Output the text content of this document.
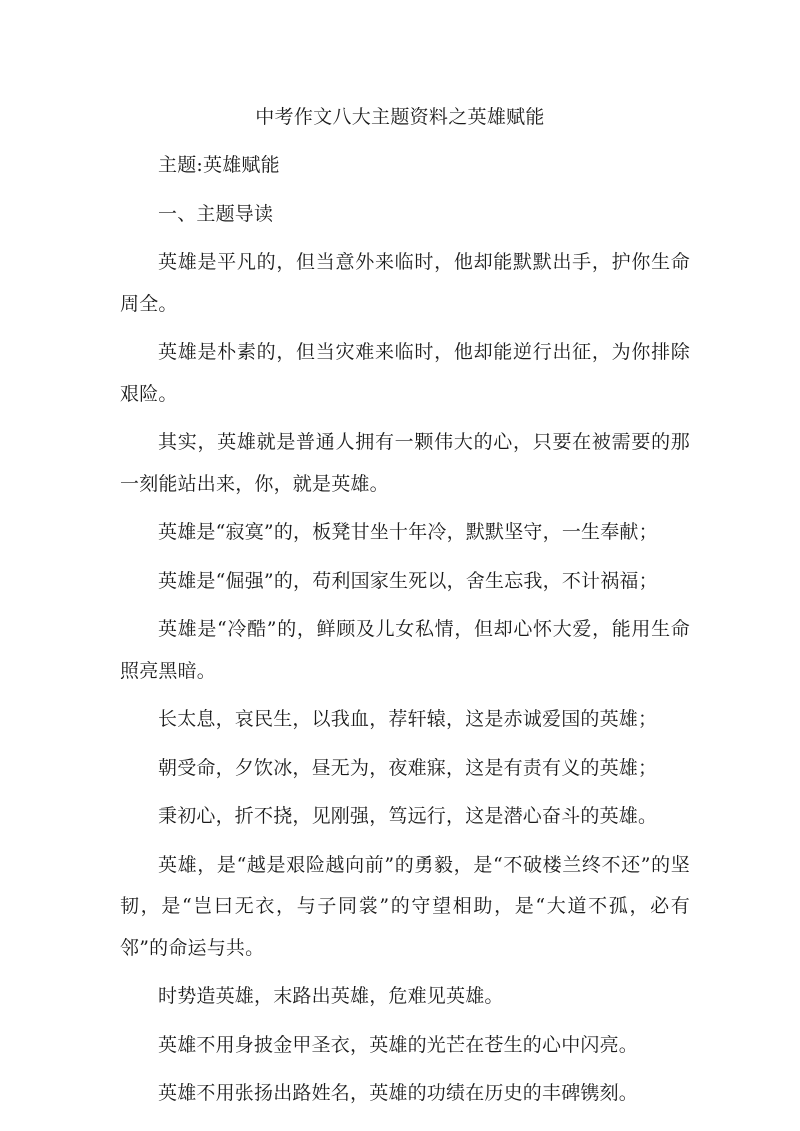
中考作文八大主题资料之英雄赋能

主题:英雄赋能

一、主题导读

英雄是平凡的，但当意外来临时，他却能默默出手，护你生命周全。

英雄是朴素的，但当灾难来临时，他却能逆行出征，为你排除艰险。

其实，英雄就是普通人拥有一颗伟大的心，只要在被需要的那一刻能站出来，你，就是英雄。

英雄是“寂寞”的，板凳甘坐十年冷，默默坚守，一生奉献；

英雄是“倔强”的，苟利国家生死以，舍生忘我，不计祸福；

英雄是“冷酷”的，鲜顾及儿女私情，但却心怀大爱，能用生命照亮黑暗。

长太息，哀民生，以我血，荐轩辕，这是赤诚爱国的英雄；

朝受命，夕饮冰，昼无为，夜难寐，这是有责有义的英雄；

秉初心，折不挠，见刚强，笃远行，这是潜心奋斗的英雄。

英雄，是“越是艰险越向前”的勇毅，是“不破楼兰终不还”的坚韧，是“岂曰无衣，与子同裳”的守望相助，是“大道不孤，必有邻”的命运与共。

时势造英雄，末路出英雄，危难见英雄。

英雄不用身披金甲圣衣，英雄的光芒在苍生的心中闪亮。

英雄不用张扬出路姓名，英雄的功绩在历史的丰碑镌刻。
